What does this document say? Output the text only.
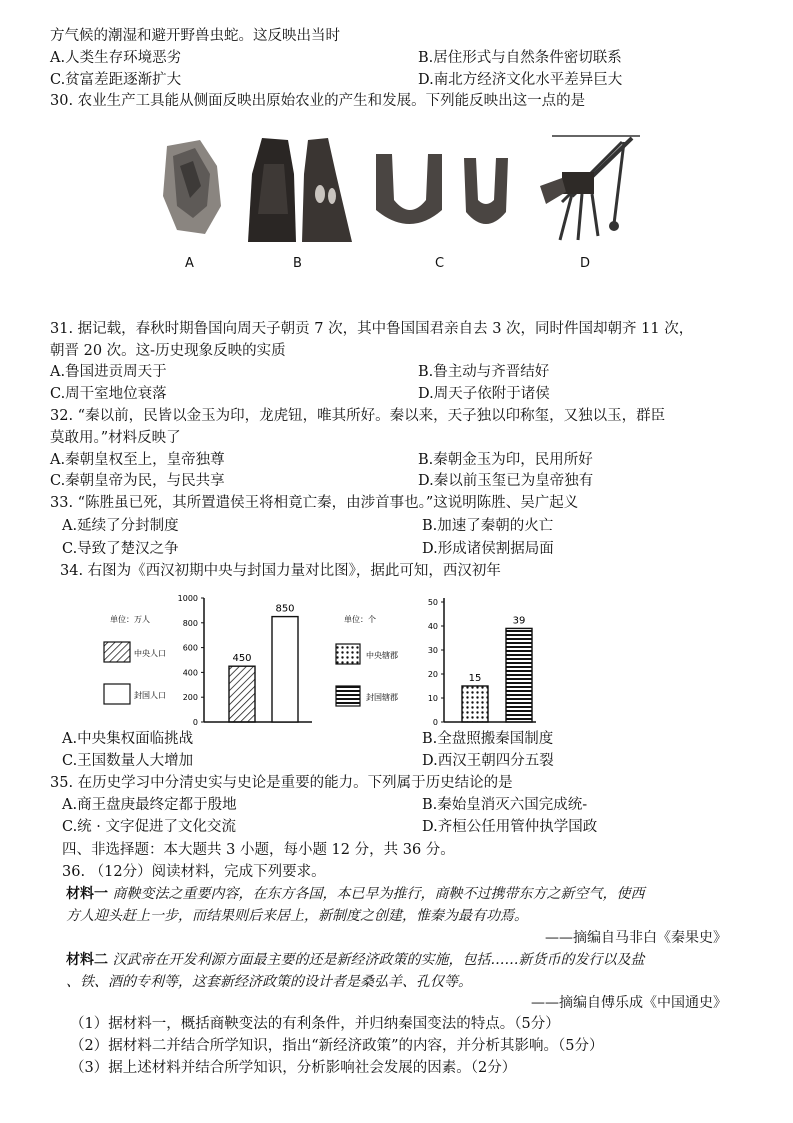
方气候的潮湿和避开野兽虫蛇。这反映出当时
A.人类生存环境恶劣	B.居住形式与自然条件密切联系
C.贫富差距逐渐扩大	D.南北方经济文化水平差异巨大
30. 农业生产工具能从侧面反映出原始农业的产生和发展。下列能反映出这一点的是
A	B	C	D
31. 据记载，春秋时期鲁国向周天子朝贡 7 次，其中鲁国国君亲自去 3 次，同时件国却朝齐 11 次，
朝晋 20 次。这-历史现象反映的实质
A.鲁国进贡周天于	B.鲁主动与齐晋结好
C.周干室地位衰落	D.周天子依附于诸侯
32. “秦以前，民皆以金玉为印，龙虎钮，唯其所好。秦以来，天子独以印称玺，又独以玉，群臣
莫敢用。”材料反映了
A.秦朝皇权至上，皇帝独尊	B.秦朝金玉为印，民用所好
C.秦朝皇帝为民，与民共享	D.秦以前玉玺已为皇帝独有
33. “陈胜虽已死，其所置遣侯王将相竟亡秦，由涉首事也。”这说明陈胜、吴广起义
A.延续了分封制度	B.加速了秦朝的火亡
C.导致了楚汉之争	D.形成诸侯割据局面
34. 右图为《西汉初期中央与封国力量对比图》，据此可知，西汉初年
单位：万人
中央人口
封国人口
0
200
400
600
800
1000
450
850
单位：个
中央辖郡
封国辖郡
0
10
20
30
40
50
15
39
A.中央集权面临挑战	B.全盘照搬秦国制度
C.王国数量人大增加	D.西汉王朝四分五裂
35. 在历史学习中分清史实与史论是重要的能力。下列属于历史结论的是
A.商王盘庚最终定都于殷地	B.秦始皇消灭六国完成统-
C.统 · 文字促进了文化交流	D.齐桓公任用管仲执学国政
四、非选择题：本大题共 3 小题，每小题 12 分，共 36 分。
36. （12分）阅读材料，完成下列要求。
材料一 商鞅变法之重要内容，在东方各国，本已早为推行，商鞅不过携带东方之新空气，使西
方人迎头赶上一步，而结果则后来居上，新制度之创建，惟秦为最有功焉。
——摘编自马非白《秦果史》
材料二 汉武帝在开发利源方面最主要的还是新经济政策的实施，包括……新货币的发行以及盐
、铁、酒的专利等，这套新经济政策的设计者是桑弘羊、孔仅等。
——摘编自傅乐成《中国通史》
（1）据材料一，概括商鞅变法的有利条件，并归纳秦国变法的特点。（5分）
（2）据材料二并结合所学知识，指出“新经济政策”的内容，并分析其影响。（5分）
（3）据上述材料并结合所学知识，分析影响社会发展的因素。（2分）
